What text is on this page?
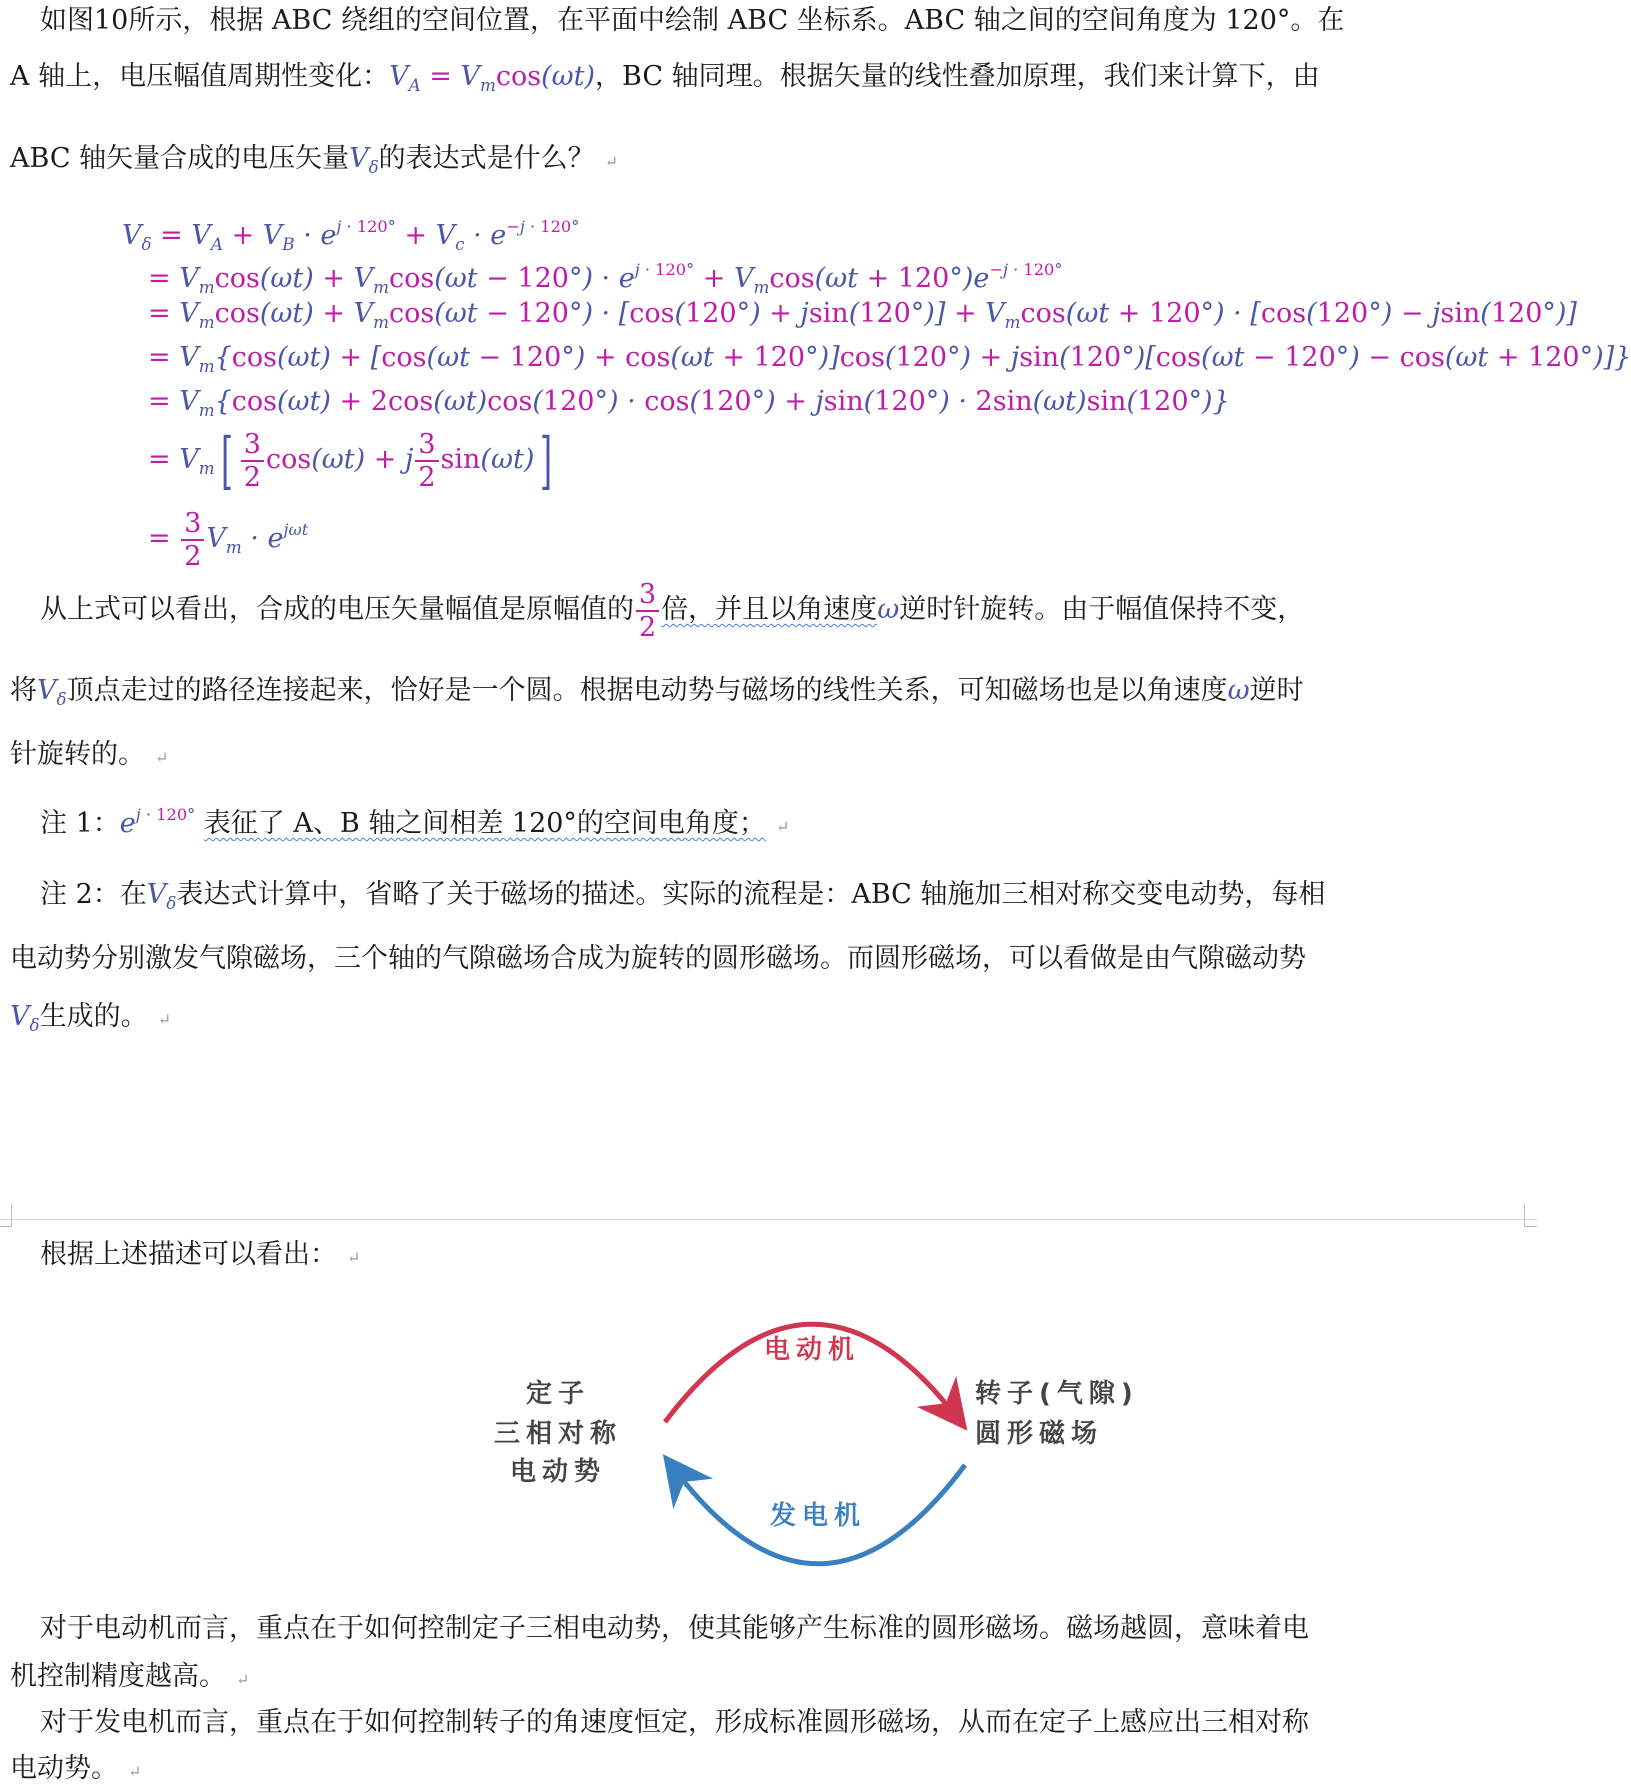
如图10所示，根据 ABC 绕组的空间位置，在平面中绘制 ABC 坐标系。ABC 轴之间的空间角度为 120°。在
A 轴上，电压幅值周期性变化：$V_A = V_m\cos(\omega t)$，BC 轴同理。根据矢量的线性叠加原理，我们来计算下，由
ABC 轴矢量合成的电压矢量$V_\delta$的表达式是什么？ ↵
$V_\delta = V_A + V_B \cdot e^{j \cdot 120^\circ} + V_c \cdot e^{-j \cdot 120^\circ}$
= $V_m\cos(\omega t) + V_m\cos(\omega t - 120^\circ) \cdot e^{j \cdot 120^\circ} + V_m\cos(\omega t + 120^\circ)e^{-j \cdot 120^\circ}$
= $V_m\cos(\omega t) + V_m\cos(\omega t - 120^\circ) \cdot [\cos(120^\circ) + jsin(120^\circ)] + V_m\cos(\omega t + 120^\circ) \cdot [\cos(120^\circ) - jsin(120^\circ)]$
= $V_m\{\cos(\omega t) + [\cos(\omega t - 120^\circ) + \cos(\omega t + 120^\circ)]\cos(120^\circ) + jsin(120^\circ)[\cos(\omega t - 120^\circ) - \cos(\omega t + 120^\circ)]\}$
= $V_m\{\cos(\omega t) + 2\cos(\omega t)\cos(120^\circ) \cdot \cos(120^\circ) + jsin(120^\circ) \cdot 2\sin(\omega t)\sin(120^\circ)\}$
= $V_m[ \frac{3}{2} \cos(\omega t) + j \frac{3}{2} \sin(\omega t)]$
= $\frac{3}{2} V_m \cdot e^{j\omega t}$
从上式可以看出，合成的电压矢量幅值是原幅值的 $\frac{3}{2}$ 倍，并且以角速度ω逆时针旋转。由于幅值保持不变，
将$V_\delta$顶点走过的路径连接起来，恰好是一个圆。根据电动势与磁场的线性关系，可知磁场也是以角速度ω逆时
针旋转的。 ↵
注 1：$e^{j \cdot 120^\circ}$ 表征了 A、B 轴之间相差 120°的空间电角度； ↵
注 2：在$V_\delta$表达式计算中，省略了关于磁场的描述。实际的流程是：ABC 轴施加三相对称交变电动势，每相
电动势分别激发气隙磁场，三个轴的气隙磁场合成为旋转的圆形磁场。而圆形磁场，可以看做是由气隙磁动势
$V_\delta$生成的。 ↵
根据上述描述可以看出： ↵
电动机
发电机
定子
三相对称
电动势
转子(气隙)
圆形磁场
对于电动机而言，重点在于如何控制定子三相电动势，使其能够产生标准的圆形磁场。磁场越圆，意味着电
机控制精度越高。 ↵
对于发电机而言，重点在于如何控制转子的角速度恒定，形成标准圆形磁场，从而在定子上感应出三相对称
电动势。 ↵
